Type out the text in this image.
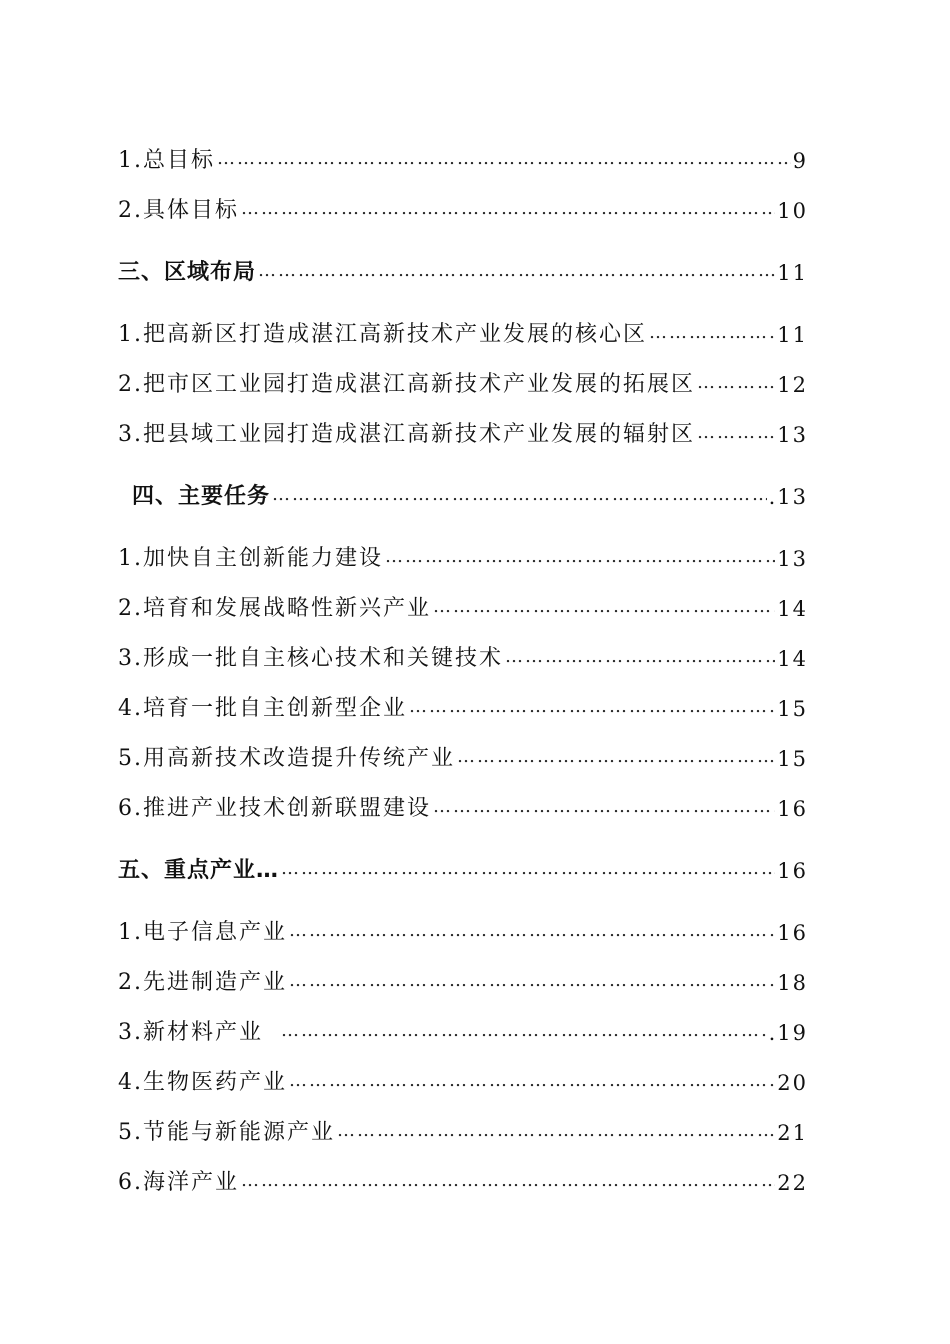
1.总目标 ……………………………………………………………………………………………………………………………………	9
2.具体目标 ……………………………………………………………………………………………………………………………………	10
三、区域布局 ……………………………………………………………………………………………………………………………………	11
1.把高新区打造成湛江高新技术产业发展的核心区 ……………………………………………………………………………………………………………………………………	11
2.把市区工业园打造成湛江高新技术产业发展的拓展区 ……………………………………………………………………………………………………………………………………	12
3.把县域工业园打造成湛江高新技术产业发展的辐射区 ……………………………………………………………………………………………………………………………………	13
四、主要任务 ……………………………………………………………………………………………………………………………………	.13
1.加快自主创新能力建设 ……………………………………………………………………………………………………………………………………	13
2.培育和发展战略性新兴产业 ……………………………………………………………………………………………………………………………………	14
3.形成一批自主核心技术和关键技术 ……………………………………………………………………………………………………………………………………	14
4.培育一批自主创新型企业 ……………………………………………………………………………………………………………………………………	15
5.用高新技术改造提升传统产业 ……………………………………………………………………………………………………………………………………	15
6.推进产业技术创新联盟建设 ……………………………………………………………………………………………………………………………………	16
五、重点产业… ……………………………………………………………………………………………………………………………………	16
1.电子信息产业 ……………………………………………………………………………………………………………………………………	16
2.先进制造产业 ……………………………………………………………………………………………………………………………………	18
3.新材料产业 ……………………………………………………………………………………………………………………………………	.19
4.生物医药产业 ……………………………………………………………………………………………………………………………………	20
5.节能与新能源产业 ……………………………………………………………………………………………………………………………………	21
6.海洋产业 ……………………………………………………………………………………………………………………………………	22
